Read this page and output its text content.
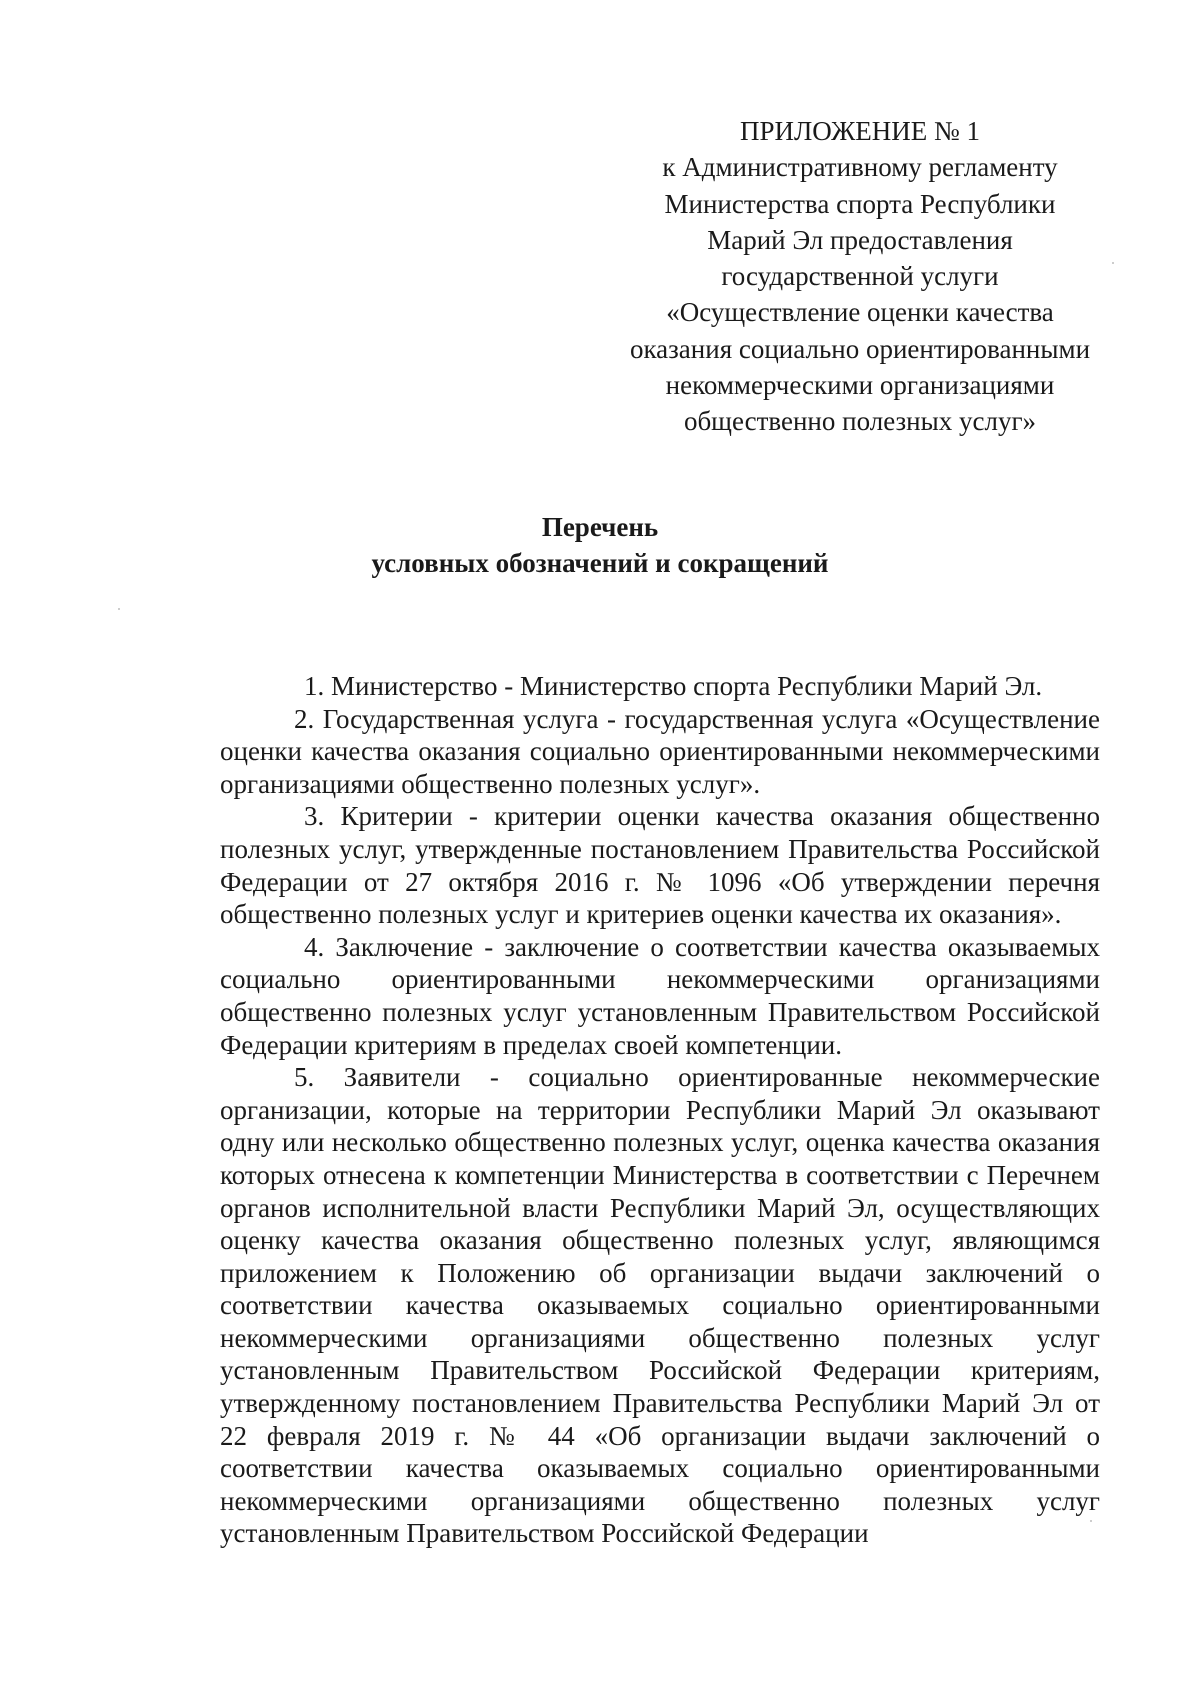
ПРИЛОЖЕНИЕ № 1
к Административному регламенту
Министерства спорта Республики
Марий Эл предоставления
государственной услуги
«Осуществление оценки качества
оказания социально ориентированными
некоммерческими организациями
общественно полезных услуг»
Перечень
условных обозначений и сокращений

1. Министерство - Министерство спорта Республики Марий Эл.

2. Государственная услуга - государственная услуга «Осуществление оценки качества оказания социально ориентированными некоммерческими организациями общественно полезных услуг».

3. Критерии - критерии оценки качества оказания общественно полезных услуг, утвержденные постановлением Правительства Российской Федерации от 27 октября 2016 г. № 1096 «Об утверждении перечня общественно полезных услуг и критериев оценки качества их оказания».

4. Заключение - заключение о соответствии качества оказываемых социально ориентированными некоммерческими организациями общественно полезных услуг установленным Правительством Российской Федерации критериям в пределах своей компетенции.

5. Заявители - социально ориентированные некоммерческие организации, которые на территории Республики Марий Эл оказывают одну или несколько общественно полезных услуг, оценка качества оказания которых отнесена к компетенции Министерства в соответствии с Перечнем органов исполнительной власти Республики Марий Эл, осуществляющих оценку качества оказания общественно полезных услуг, являющимся приложением к Положению об организации выдачи заключений о соответствии качества оказываемых социально ориентированными некоммерческими организациями общественно полезных услуг установленным Правительством Российской Федерации критериям, утвержденному постановлением Правительства Республики Марий Эл от 22 февраля 2019 г. № 44 «Об организации выдачи заключений о соответствии качества оказываемых социально ориентированными некоммерческими организациями общественно полезных услуг установленным Правительством Российской Федерации
